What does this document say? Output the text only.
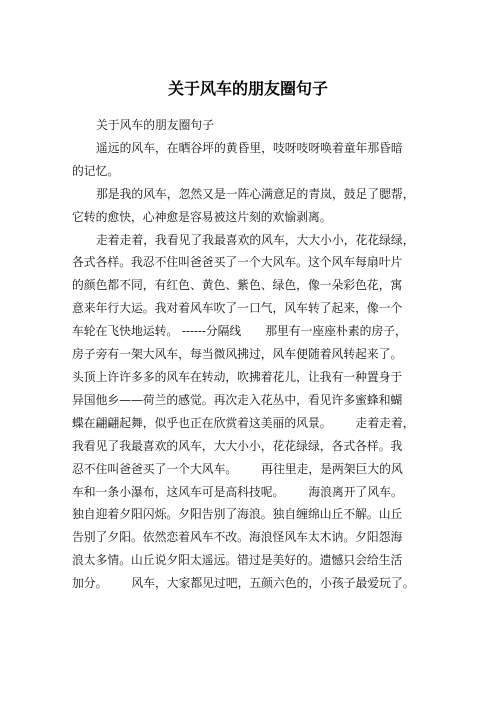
关于风车的朋友圈句子
关于风车的朋友圈句子
遥远的风车，在晒谷坪的黄昏里，吱呀吱呀唤着童年那昏暗
的记忆。
那是我的风车，忽然又是一阵心满意足的青岚，鼓足了腮帮，
它转的愈快，心神愈是容易被这片刻的欢愉剥离。
走着走着，我看见了我最喜欢的风车，大大小小，花花绿绿，
各式各样。我忍不住叫爸爸买了一个大风车。这个风车每扇叶片
的颜色都不同，有红色、黄色、紫色、绿色，像一朵彩色花，寓
意来年行大运。我对着风车吹了一口气，风车转了起来，像一个
车轮在飞快地运转。 ------分隔线 那里有一座座朴素的房子，
房子旁有一架大风车，每当微风拂过，风车便随着风转起来了。
头顶上许许多多的风车在转动，吹拂着花儿，让我有一种置身于
异国他乡——荷兰的感觉。再次走入花丛中，看见许多蜜蜂和蝴
蝶在翩翩起舞，似乎也正在欣赏着这美丽的风景。 走着走着，
我看见了我最喜欢的风车，大大小小，花花绿绿，各式各样。我
忍不住叫爸爸买了一个大风车。 再往里走，是两架巨大的风
车和一条小瀑布，这风车可是高科技呢。 海浪离开了风车。
独自迎着夕阳闪烁。夕阳告别了海浪。独自缠绵山丘不解。山丘
告别了夕阳。依然恋着风车不改。海浪怪风车太木讷。夕阳怨海
浪太多情。山丘说夕阳太遥远。错过是美好的。遗憾只会给生活
加分。 风车，大家都见过吧，五颜六色的，小孩子最爱玩了。
